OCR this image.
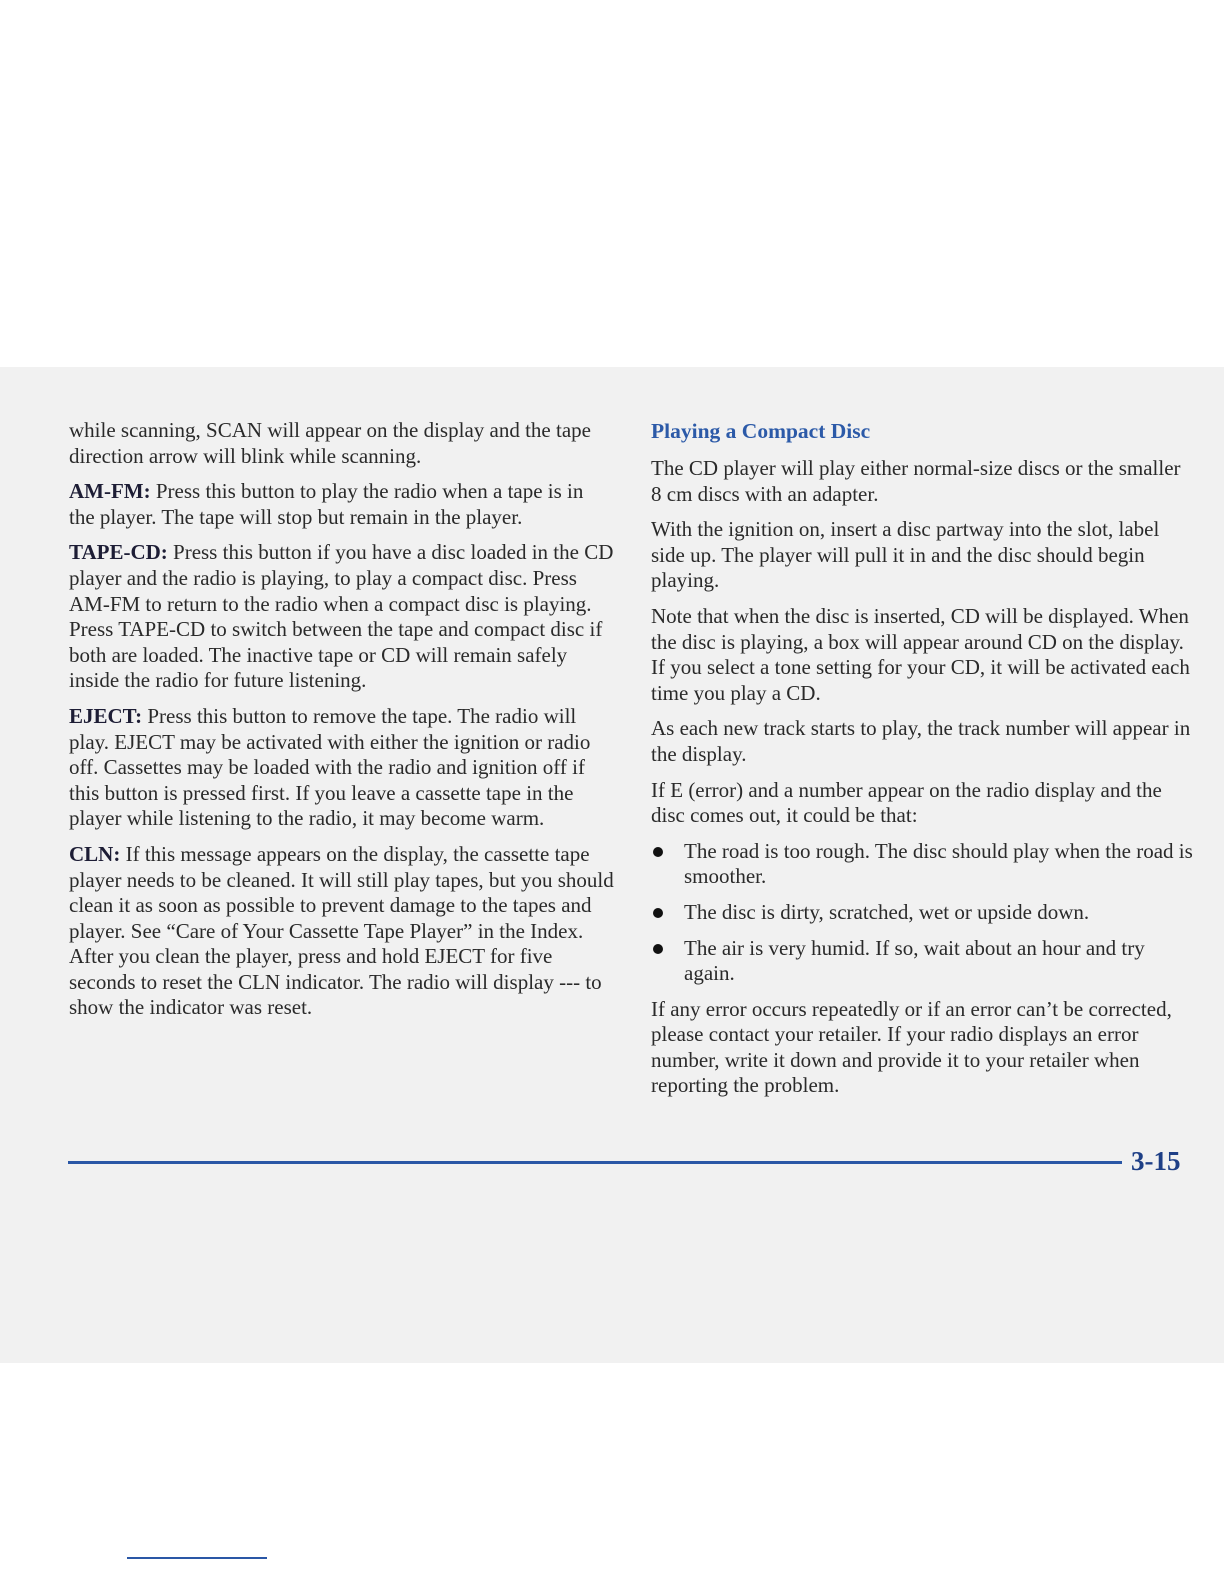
while scanning, SCAN will appear on the display and the tape direction arrow will blink while scanning.

AM-FM: Press this button to play the radio when a tape is in the player. The tape will stop but remain in the player.

TAPE-CD: Press this button if you have a disc loaded in the CD player and the radio is playing, to play a compact disc. Press AM-FM to return to the radio when a compact disc is playing. Press TAPE-CD to switch between the tape and compact disc if both are loaded. The inactive tape or CD will remain safely inside the radio for future listening.

EJECT: Press this button to remove the tape. The radio will play. EJECT may be activated with either the ignition or radio off. Cassettes may be loaded with the radio and ignition off if this button is pressed first. If you leave a cassette tape in the player while listening to the radio, it may become warm.

CLN: If this message appears on the display, the cassette tape player needs to be cleaned. It will still play tapes, but you should clean it as soon as possible to prevent damage to the tapes and player. See “Care of Your Cassette Tape Player” in the Index. After you clean the player, press and hold EJECT for five seconds to reset the CLN indicator. The radio will display --- to show the indicator was reset.

Playing a Compact Disc

The CD player will play either normal-size discs or the smaller 8 cm discs with an adapter.

With the ignition on, insert a disc partway into the slot, label side up. The player will pull it in and the disc should begin playing.

Note that when the disc is inserted, CD will be displayed. When the disc is playing, a box will appear around CD on the display. If you select a tone setting for your CD, it will be activated each time you play a CD.

As each new track starts to play, the track number will appear in the display.

If E (error) and a number appear on the radio display and the disc comes out, it could be that:

The road is too rough. The disc should play when the road is smoother.
The disc is dirty, scratched, wet or upside down.
The air is very humid. If so, wait about an hour and try again.

If any error occurs repeatedly or if an error can’t be corrected, please contact your retailer. If your radio displays an error number, write it down and provide it to your retailer when reporting the problem.

3-15
